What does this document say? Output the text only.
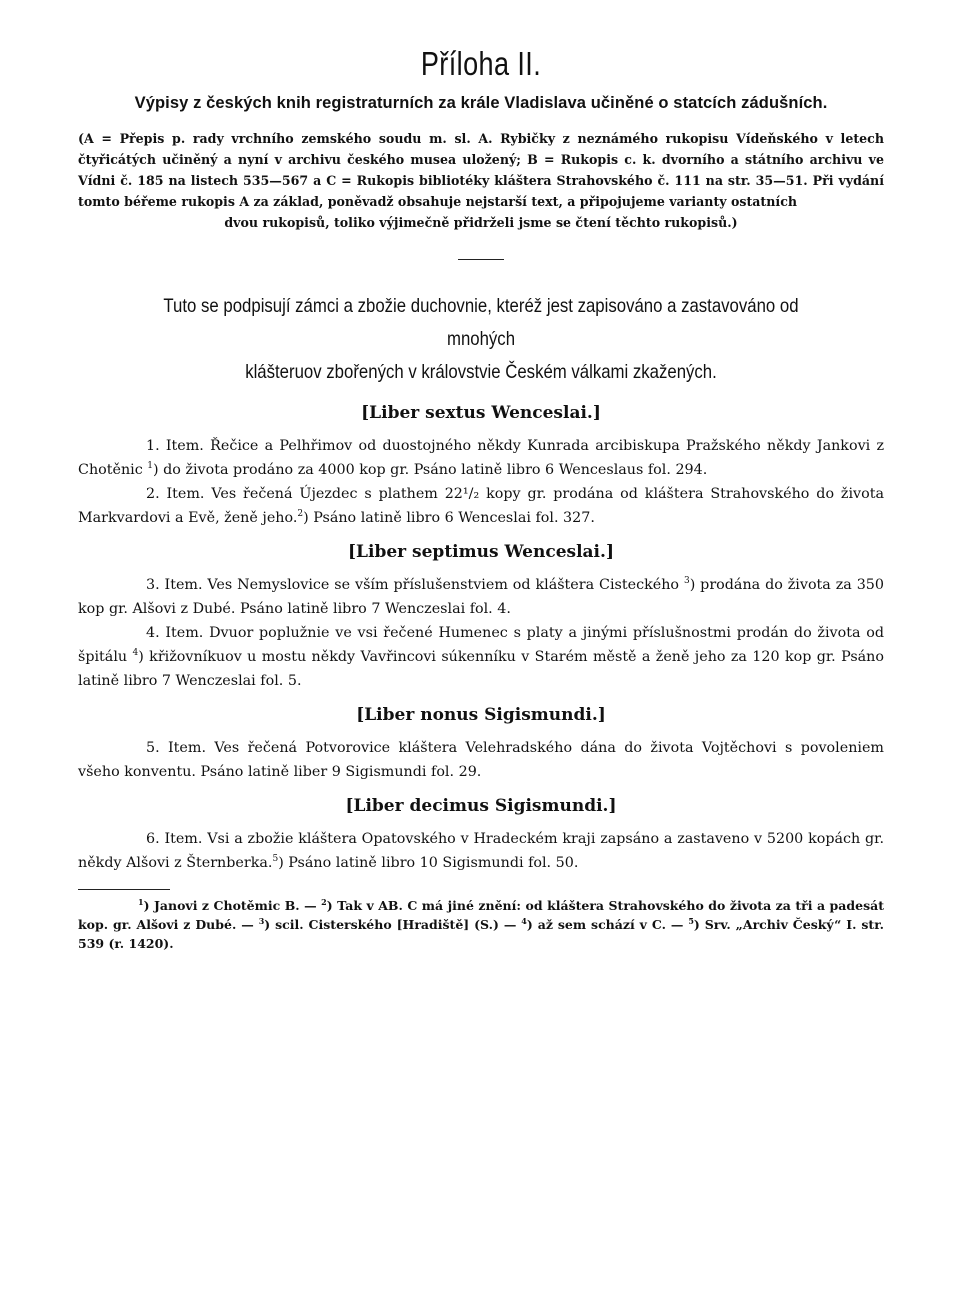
Příloha II.
Výpisy z českých knih registraturních za krále Vladislava učiněné o statcích zádušních.

(A = Přepis p. rady vrchního zemského soudu m. sl. A. Rybičky z neznámého rukopisu Vídeňského v letech čtyřicátých učiněný a nyní v archivu českého musea uložený; B = Rukopis c. k. dvorního a státního archivu ve Vídni č. 185 na listech 535—567 a C = Rukopis bibliotéky kláštera Strahovského č. 111 na str. 35—51. Při vydání tomto béřeme rukopis A za základ, poněvadž obsahuje nejstarší text, a připojujeme varianty ostatních
dvou rukopisů, toliko výjimečně přidrželi jsme se čtení těchto rukopisů.)

Tuto se podpisují zámci a zbožie duchovnie, kteréž jest zapisováno a zastavováno od mnohých
klášteruov zbořených v královstvie Českém válkami zkažených.
[Liber sextus Wenceslai.]

1. Item. Řečice a Pelhřimov od duostojného někdy Kunrada arcibiskupa Pražského někdy Jankovi z Chotěnic $^1$) do života prodáno za 4000 kop gr. Psáno latině libro 6 Wenceslaus fol. 294.

2. Item. Ves řečená Újezdec s plathem 22¹/₂ kopy gr. prodána od kláštera Strahovského do života Markvardovi a Evě, ženě jeho.$^2$) Psáno latině libro 6 Wenceslai fol. 327.

[Liber septimus Wenceslai.]

3. Item. Ves Nemyslovice se vším příslušenstviem od kláštera Cisteckého $^3$) prodána do života za 350 kop gr. Alšovi z Dubé. Psáno latině libro 7 Wenczeslai fol. 4.

4. Item. Dvuor poplužnie ve vsi řečené Humenec s platy a jinými příslušnostmi prodán do života od špitálu $^4$) křižovníkuov u mostu někdy Vavřincovi súkenníku v Starém městě a ženě jeho za 120 kop gr. Psáno latině libro 7 Wenczeslai fol. 5.

[Liber nonus Sigismundi.]

5. Item. Ves řečená Potvorovice kláštera Velehradského dána do života Vojtěchovi s povoleniem všeho konventu. Psáno latině liber 9 Sigismundi fol. 29.

[Liber decimus Sigismundi.]

6. Item. Vsi a zbožie kláštera Opatovského v Hradeckém kraji zapsáno a zastaveno v 5200 kopách gr. někdy Alšovi z Šternberka.$^5$) Psáno latině libro 10 Sigismundi fol. 50.

$^1$) Janovi z Chotěmic B. — $^2$) Tak v AB. C má jiné znění: od kláštera Strahovského do života za tři a padesát kop. gr. Alšovi z Dubé. — $^3$) scil. Cisterského [Hradiště] (S.) — $^4$) až sem schází v C. — $^5$) Srv. „Archiv Český“ I. str. 539 (r. 1420).
